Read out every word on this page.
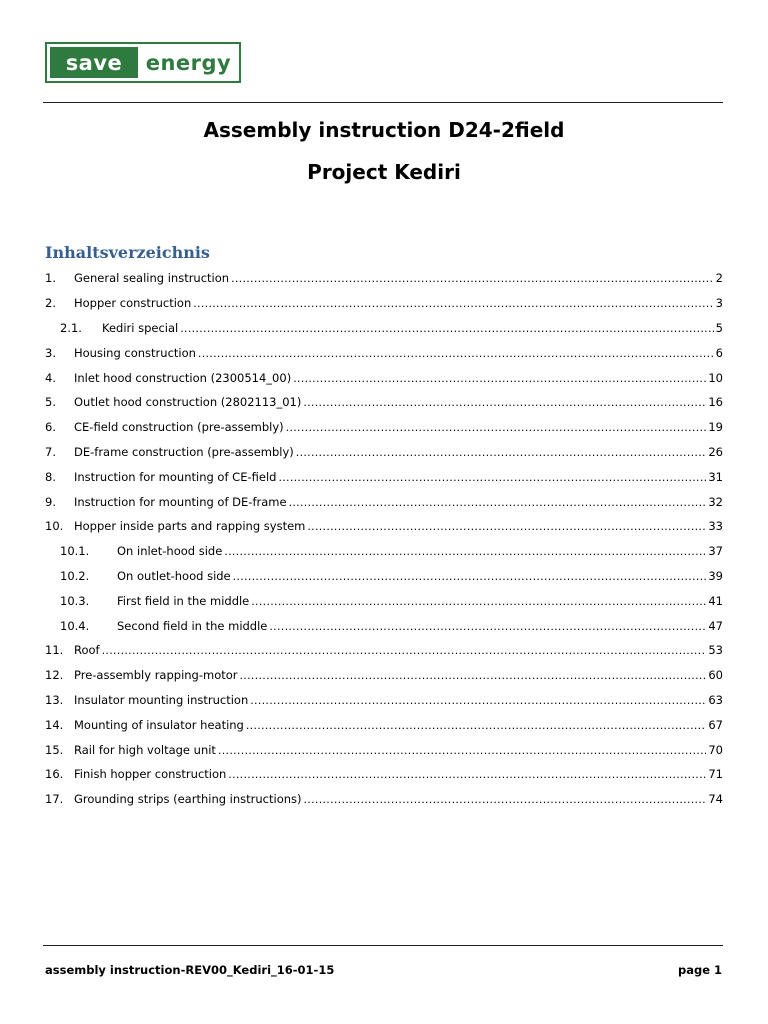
save	energy
Assembly instruction D24-2field
Project Kediri
Inhaltsverzeichnis
1.	General sealing instruction .....	2
2.	Hopper construction .....	3
2.1.	Kediri special .....	5
3.	Housing construction .....	6
4.	Inlet hood construction (2300514_00) .....	10
5.	Outlet hood construction (2802113_01) .....	16
6.	CE-field construction (pre-assembly) .....	19
7.	DE-frame construction (pre-assembly) .....	26
8.	Instruction for mounting of CE-field .....	31
9.	Instruction for mounting of DE-frame .....	32
10. Hopper inside parts and rapping system .....	33
10.1.	On inlet-hood side .....	37
10.2.	On outlet-hood side .....	39
10.3.	First field in the middle .....	41
10.4.	Second field in the middle .....	47
11. Roof .....	53
12. Pre-assembly rapping-motor .....	60
13. Insulator mounting instruction .....	63
14. Mounting of insulator heating .....	67
15. Rail for high voltage unit .....	70
16. Finish hopper construction .....	71
17. Grounding strips (earthing instructions) .....	74
assembly instruction-REV00_Kediri_16-01-15	page 1
